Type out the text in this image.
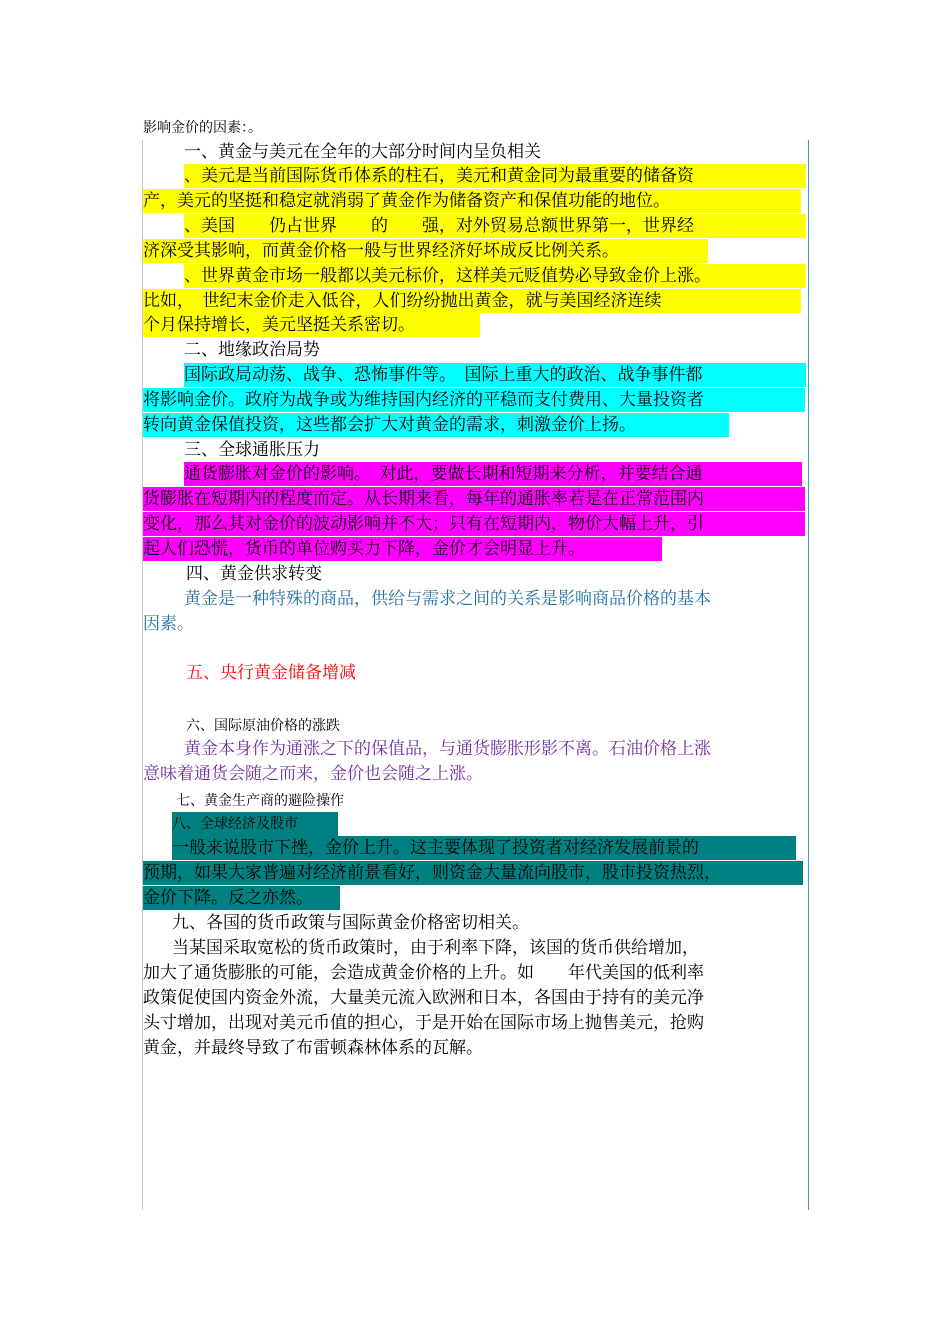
影响金价的因素：。
一、黄金与美元在全年的大部分时间内呈负相关
、美元是当前国际货币体系的柱石，美元和黄金同为最重要的储备资
产，美元的坚挺和稳定就消弱了黄金作为储备资产和保值功能的地位。
、美国　　仍占世界　　的　　强，对外贸易总额世界第一，世界经
济深受其影响，而黄金价格一般与世界经济好坏成反比例关系。
、世界黄金市场一般都以美元标价，这样美元贬值势必导致金价上涨。
比如，　世纪末金价走入低谷，人们纷纷抛出黄金，就与美国经济连续
个月保持增长，美元坚挺关系密切。
二、地缘政治局势
国际政局动荡、战争、恐怖事件等。　国际上重大的政治、战争事件都
将影响金价。政府为战争或为维持国内经济的平稳而支付费用、大量投资者
转向黄金保值投资，这些都会扩大对黄金的需求，刺激金价上扬。
三、全球通胀压力
通货膨胀对金价的影响。　对此，要做长期和短期来分析，并要结合通
货膨胀在短期内的程度而定。从长期来看，每年的通胀率若是在正常范围内
变化，那么其对金价的波动影响并不大；只有在短期内，物价大幅上升，引
起人们恐慌，货币的单位购买力下降，金价才会明显上升。
四、黄金供求转变
黄金是一种特殊的商品，供给与需求之间的关系是影响商品价格的基本
因素。
五、央行黄金储备增减
六、国际原油价格的涨跌
黄金本身作为通涨之下的保值品，与通货膨胀形影不离。石油价格上涨
意味着通货会随之而来，金价也会随之上涨。
七、黄金生产商的避险操作
八、全球经济及股市
一般来说股市下挫，金价上升。这主要体现了投资者对经济发展前景的
预期，如果大家普遍对经济前景看好，则资金大量流向股市，股市投资热烈，
金价下降。反之亦然。
九、各国的货币政策与国际黄金价格密切相关。
当某国采取宽松的货币政策时，由于利率下降，该国的货币供给增加，
加大了通货膨胀的可能，会造成黄金价格的上升。如　　年代美国的低利率
政策促使国内资金外流，大量美元流入欧洲和日本，各国由于持有的美元净
头寸增加，出现对美元币值的担心，于是开始在国际市场上抛售美元，抢购
黄金，并最终导致了布雷顿森林体系的瓦解。
